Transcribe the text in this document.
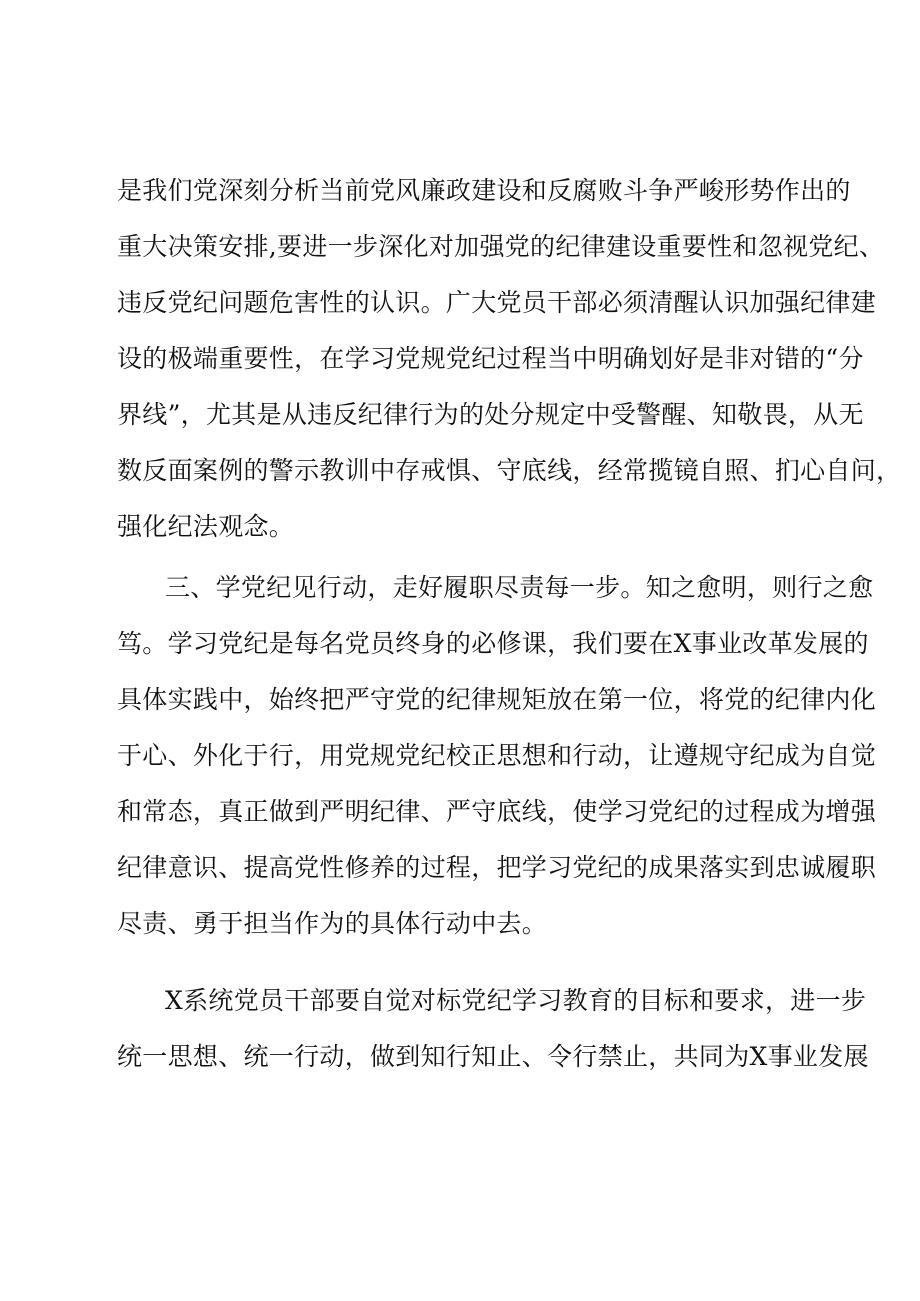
是我们党深刻分析当前党风廉政建设和反腐败斗争严峻形势作出的
重大决策安排,要进一步深化对加强党的纪律建设重要性和忽视党纪、
违反党纪问题危害性的认识。广大党员干部必须清醒认识加强纪律建
设的极端重要性，在学习党规党纪过程当中明确划好是非对错的“分
界线”，尤其是从违反纪律行为的处分规定中受警醒、知敬畏，从无
数反面案例的警示教训中存戒惧、守底线，经常揽镜自照、扪心自问，
强化纪法观念。
三、学党纪见行动，走好履职尽责每一步。知之愈明，则行之愈
笃。学习党纪是每名党员终身的必修课，我们要在X事业改革发展的
具体实践中，始终把严守党的纪律规矩放在第一位，将党的纪律内化
于心、外化于行，用党规党纪校正思想和行动，让遵规守纪成为自觉
和常态，真正做到严明纪律、严守底线，使学习党纪的过程成为增强
纪律意识、提高党性修养的过程，把学习党纪的成果落实到忠诚履职
尽责、勇于担当作为的具体行动中去。
X系统党员干部要自觉对标党纪学习教育的目标和要求，进一步
统一思想、统一行动，做到知行知止、令行禁止，共同为X事业发展
